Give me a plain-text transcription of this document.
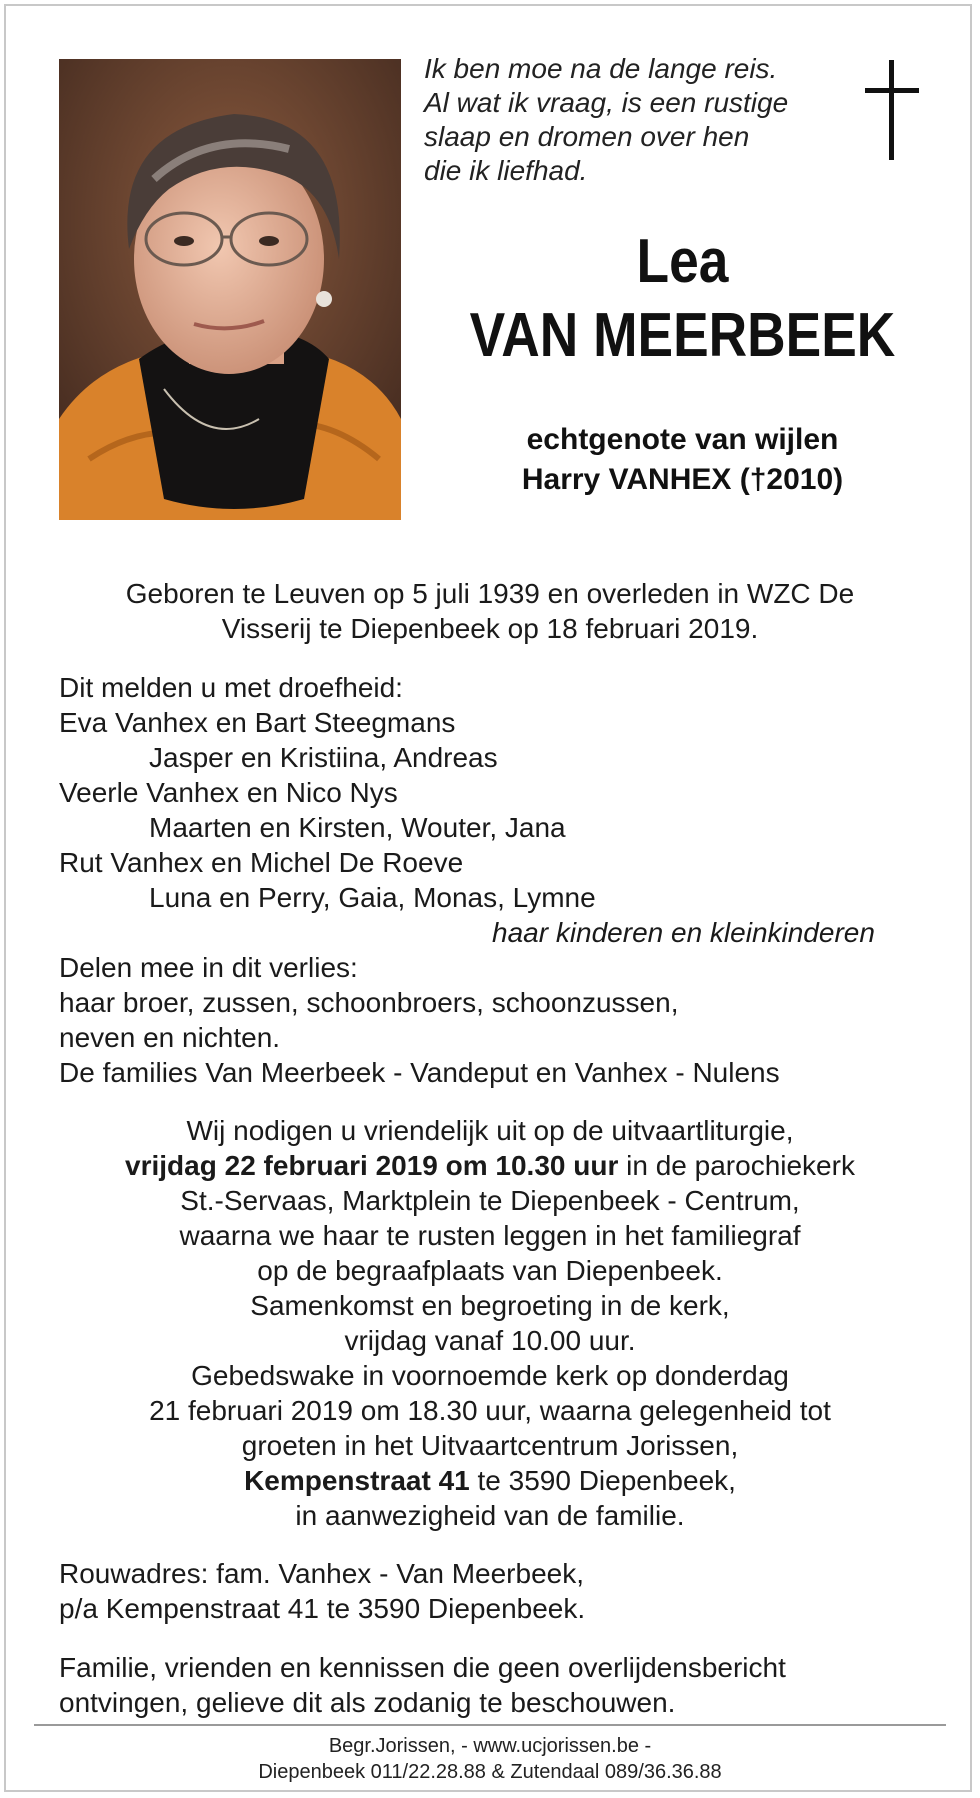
Ik ben moe na de lange reis.
Al wat ik vraag, is een rustige
slaap en dromen over hen
die ik liefhad.
Lea
VAN MEERBEEK
echtgenote van wijlen
Harry VANHEX (†2010)
Geboren te Leuven op 5 juli 1939 en overleden in WZC De
Visserij te Diepenbeek op 18 februari 2019.
Dit melden u met droefheid:
Eva Vanhex en Bart Steegmans
Jasper en Kristiina, Andreas
Veerle Vanhex en Nico Nys
Maarten en Kirsten, Wouter, Jana
Rut Vanhex en Michel De Roeve
Luna en Perry, Gaia, Monas, Lymne
haar kinderen en kleinkinderen
Delen mee in dit verlies:
haar broer, zussen, schoonbroers, schoonzussen,
neven en nichten.
De families Van Meerbeek - Vandeput en Vanhex - Nulens
Wij nodigen u vriendelijk uit op de uitvaartliturgie,
vrijdag 22 februari 2019 om 10.30 uur in de parochiekerk
St.-Servaas, Marktplein te Diepenbeek - Centrum,
waarna we haar te rusten leggen in het familiegraf
op de begraafplaats van Diepenbeek.
Samenkomst en begroeting in de kerk,
vrijdag vanaf 10.00 uur.
Gebedswake in voornoemde kerk op donderdag
21 februari 2019 om 18.30 uur, waarna gelegenheid tot
groeten in het Uitvaartcentrum Jorissen,
Kempenstraat 41 te 3590 Diepenbeek,
in aanwezigheid van de familie.
Rouwadres: fam. Vanhex - Van Meerbeek,
p/a Kempenstraat 41 te 3590 Diepenbeek.
Familie, vrienden en kennissen die geen overlijdensbericht
ontvingen, gelieve dit als zodanig te beschouwen.
Begr.Jorissen, - www.ucjorissen.be -
Diepenbeek 011/22.28.88 & Zutendaal 089/36.36.88
